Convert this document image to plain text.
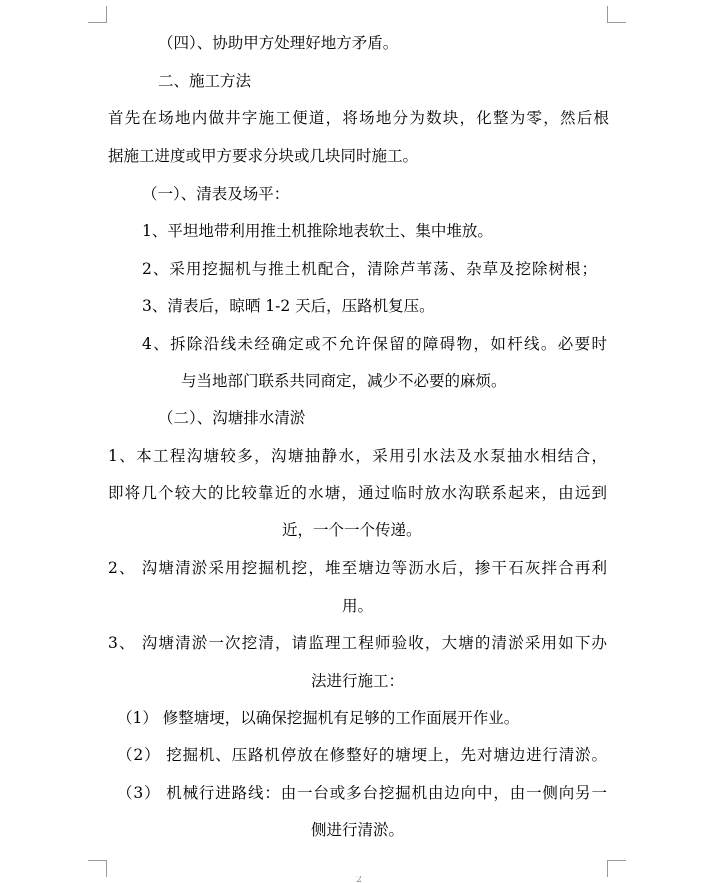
（四）、协助甲方处理好地方矛盾。
二、施工方法
首先在场地内做井字施工便道，将场地分为数块，化整为零，然后根
据施工进度或甲方要求分块或几块同时施工。
（一）、清表及场平：
1、平坦地带利用推土机推除地表软土、集中堆放。
2、采用挖掘机与推土机配合，清除芦苇荡、杂草及挖除树根；
3、清表后，晾晒 1-2 天后，压路机复压。
4、拆除沿线未经确定或不允许保留的障碍物，如杆线。必要时
与当地部门联系共同商定，减少不必要的麻烦。
（二）、沟塘排水清淤
1、本工程沟塘较多，沟塘抽静水，采用引水法及水泵抽水相结合，
即将几个较大的比较靠近的水塘，通过临时放水沟联系起来，由远到
近，一个一个传递。
2、 沟塘清淤采用挖掘机挖，堆至塘边等沥水后，掺干石灰拌合再利
用。
3、 沟塘清淤一次挖清，请监理工程师验收，大塘的清淤采用如下办
法进行施工：
（1） 修整塘埂，以确保挖掘机有足够的工作面展开作业。
（2） 挖掘机、压路机停放在修整好的塘埂上，先对塘边进行清淤。
（3） 机械行进路线：由一台或多台挖掘机由边向中，由一侧向另一
侧进行清淤。
2
